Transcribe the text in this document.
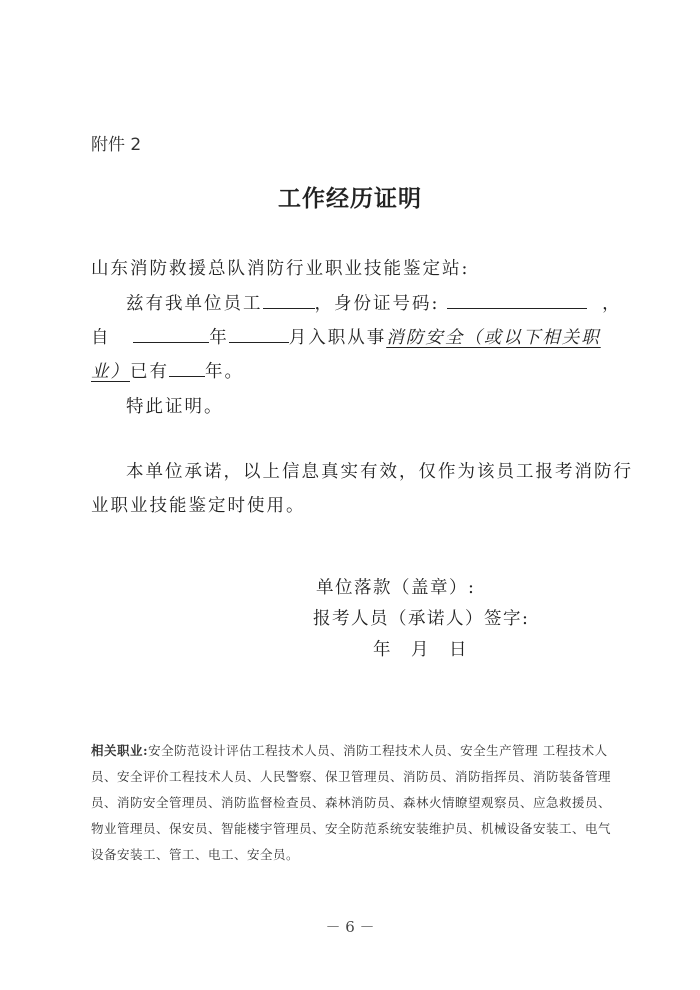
附件 2
工作经历证明
山东消防救援总队消防行业职业技能鉴定站:
兹有我单位员工	，身份证号码:	，
自	年	月入职从事消防安全（或以下相关职
业）已有 年。
特此证明。
本单位承诺，以上信息真实有效，仅作为该员工报考消防行
业职业技能鉴定时使用。
单位落款（盖章）:
报考人员（承诺人）签字:
年　月　日
相关职业:安全防范设计评估工程技术人员、消防工程技术人员、安全生产管理 工程技术人员、安全评价工程技术人员、人民警察、保卫管理员、消防员、消防指挥员、消防装备管理员、消防安全管理员、消防监督检查员、森林消防员、森林火情瞭望观察员、应急救援员、物业管理员、保安员、智能楼宇管理员、安全防范系统安装维护员、机械设备安装工、电气设备安装工、管工、电工、安全员。
－ 6 －
